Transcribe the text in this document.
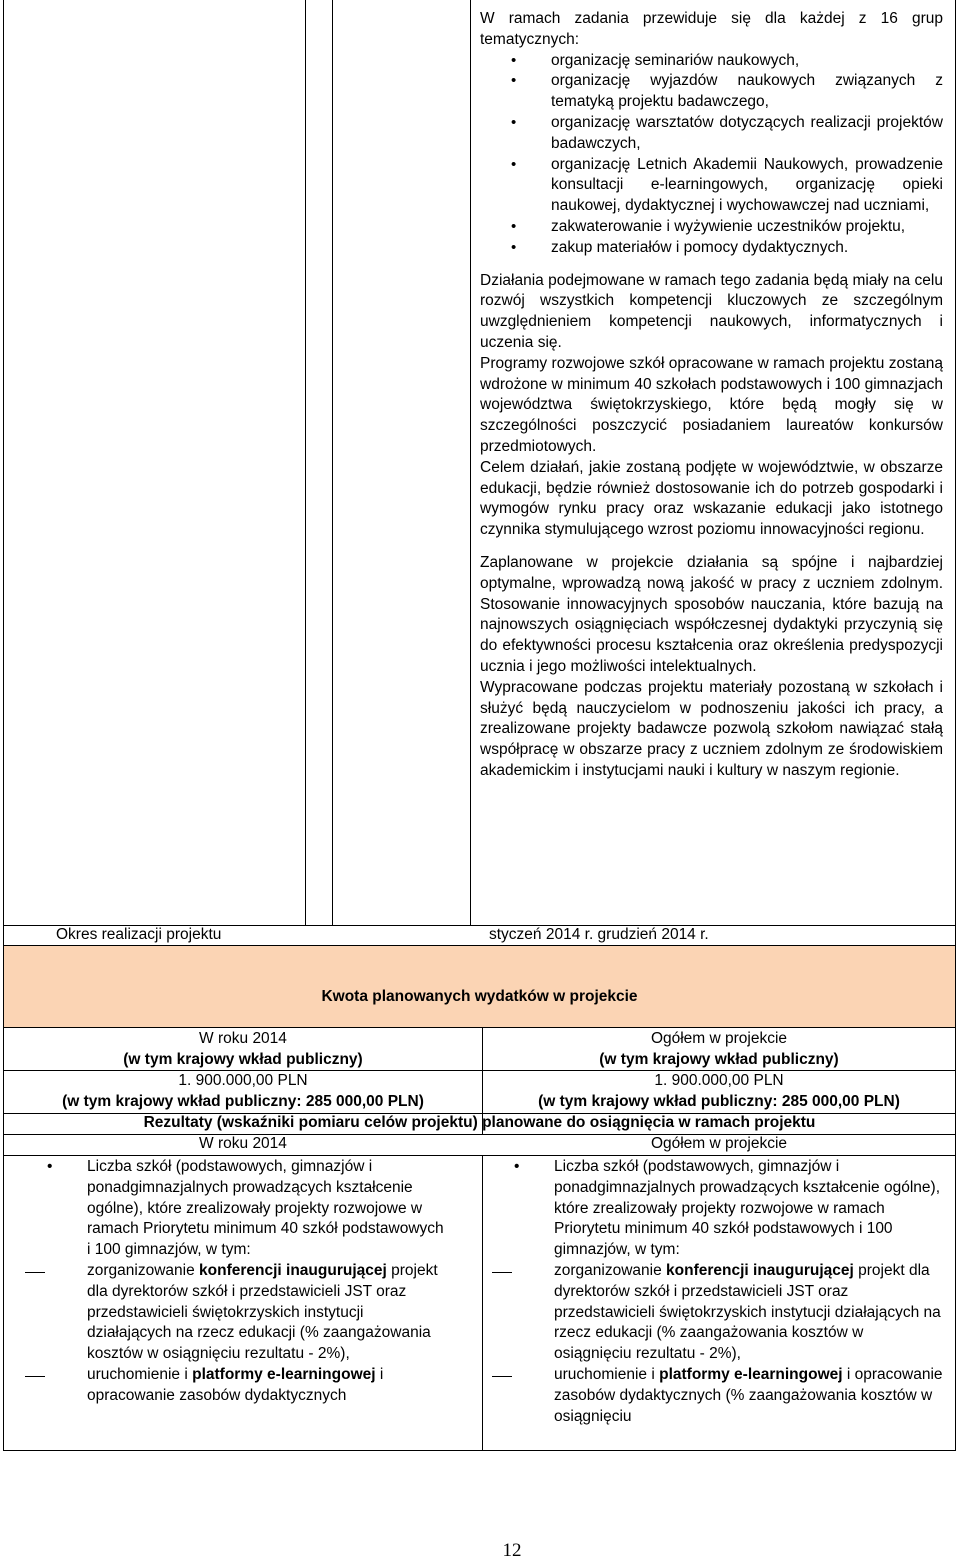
W ramach zadania przewiduje się dla każdej z 16 grup tematycznych:

• organizację seminariów naukowych,
• organizację wyjazdów naukowych związanych z tematyką projektu badawczego,
• organizację warsztatów dotyczących realizacji projektów badawczych,
• organizację Letnich Akademii Naukowych, prowadzenie konsultacji e-learningowych, organizację opieki naukowej, dydaktycznej i wychowawczej nad uczniami,
• zakwaterowanie i wyżywienie uczestników projektu,
• zakup materiałów i pomocy dydaktycznych.

Działania podejmowane w ramach tego zadania będą miały na celu rozwój wszystkich kompetencji kluczowych ze szczególnym uwzględnieniem kompetencji naukowych, informatycznych i uczenia się.

Programy rozwojowe szkół opracowane w ramach projektu zostaną wdrożone w minimum 40 szkołach podstawowych i 100 gimnazjach województwa świętokrzyskiego, które będą mogły się w szczególności poszczycić posiadaniem laureatów konkursów przedmiotowych.

Celem działań, jakie zostaną podjęte w województwie, w obszarze edukacji, będzie również dostosowanie ich do potrzeb gospodarki i wymogów rynku pracy oraz wskazanie edukacji jako istotnego czynnika stymulującego wzrost poziomu innowacyjności regionu.

Zaplanowane w projekcie działania są spójne i najbardziej optymalne, wprowadzą nową jakość w pracy z uczniem zdolnym. Stosowanie innowacyjnych sposobów nauczania, które bazują na najnowszych osiągnięciach współczesnej dydaktyki przyczynią się do efektywności procesu kształcenia oraz określenia predyspozycji ucznia i jego możliwości intelektualnych.

Wypracowane podczas projektu materiały pozostaną w szkołach i służyć będą nauczycielom w podnoszeniu jakości ich pracy, a zrealizowane projekty badawcze pozwolą szkołom nawiązać stałą współpracę w obszarze pracy z uczniem zdolnym ze środowiskiem akademickim i instytucjami nauki i kultury w naszym regionie.

Okres realizacji projektu	styczeń 2014 r. grudzień 2014 r.
Kwota planowanych wydatków w projekcie
W roku 2014
(w tym krajowy wkład publiczny)
Ogółem w projekcie
(w tym krajowy wkład publiczny)
1. 900.000,00 PLN
(w tym krajowy wkład publiczny: 285 000,00 PLN)
1. 900.000,00 PLN
(w tym krajowy wkład publiczny: 285 000,00 PLN)
Rezultaty (wskaźniki pomiaru celów projektu) planowane do osiągnięcia w ramach projektu
W roku 2014	Ogółem w projekcie
• Liczba szkół (podstawowych, gimnazjów i ponadgimnazjalnych prowadzących kształcenie ogólne), które zrealizowały projekty rozwojowe w ramach Priorytetu minimum 40 szkół podstawowych i 100 gimnazjów, w tym:
zorganizowanie konferencji inaugurującej projekt dla dyrektorów szkół i przedstawicieli JST oraz przedstawicieli świętokrzyskich instytucji działających na rzecz edukacji (% zaangażowania kosztów w osiągnięciu rezultatu - 2%),
uruchomienie i platformy e-learningowej i opracowanie zasobów dydaktycznych
• Liczba szkół (podstawowych, gimnazjów i ponadgimnazjalnych prowadzących kształcenie ogólne), które zrealizowały projekty rozwojowe w ramach Priorytetu minimum 40 szkół podstawowych i 100 gimnazjów, w tym:
zorganizowanie konferencji inaugurującej projekt dla dyrektorów szkół i przedstawicieli JST oraz przedstawicieli świętokrzyskich instytucji działających na rzecz edukacji (% zaangażowania kosztów w osiągnięciu rezultatu - 2%),
uruchomienie i platformy e-learningowej i opracowanie zasobów dydaktycznych (% zaangażowania kosztów w osiągnięciu
12
